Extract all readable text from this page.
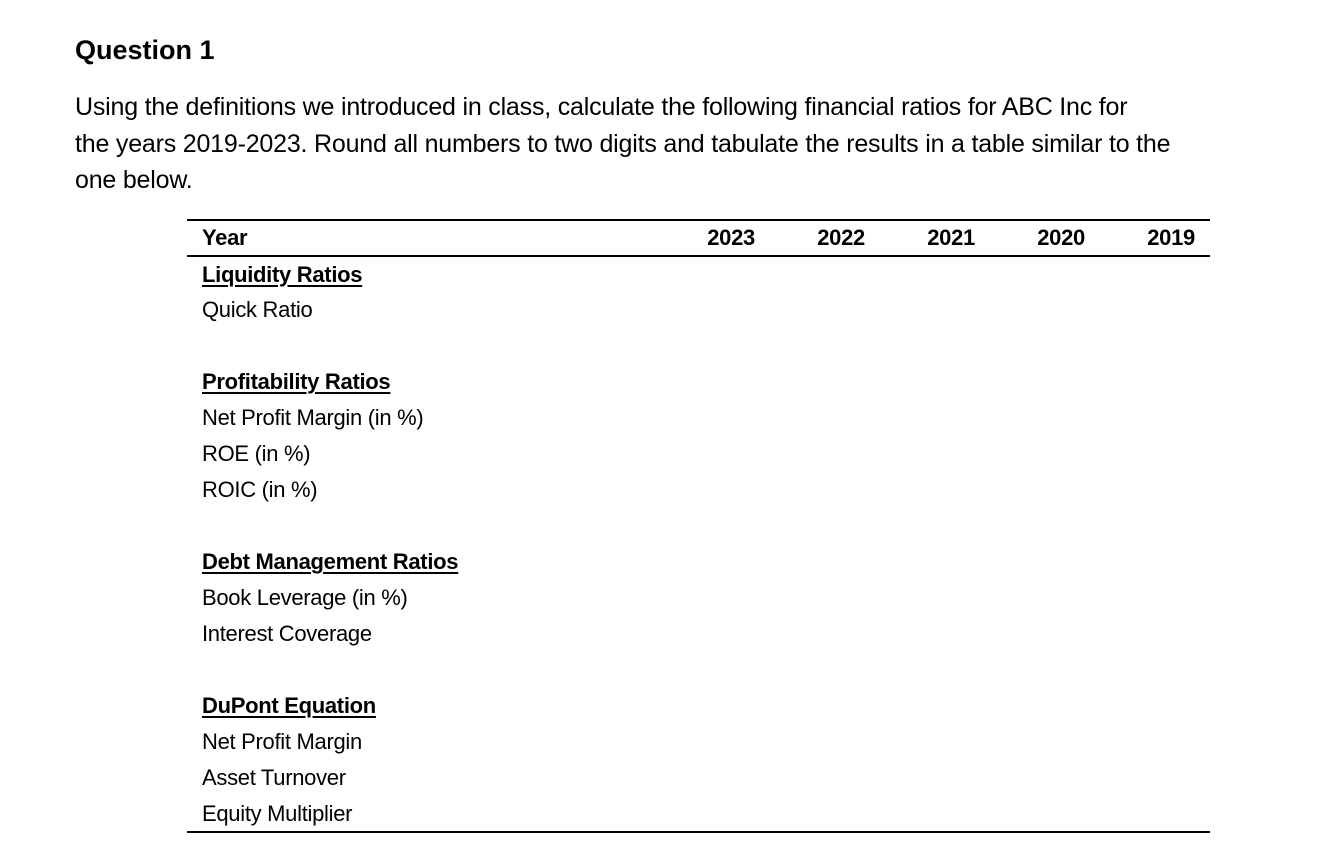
Question 1

Using the definitions we introduced in class, calculate the following financial ratios for ABC Inc for
the years 2019-2023. Round all numbers to two digits and tabulate the results in a table similar to the
one below.

Year	2023	2022	2021	2020	2019
Liquidity Ratios
Quick Ratio

Profitability Ratios
Net Profit Margin (in %)
ROE (in %)
ROIC (in %)

Debt Management Ratios
Book Leverage (in %)
Interest Coverage

DuPont Equation
Net Profit Margin
Asset Turnover
Equity Multiplier
